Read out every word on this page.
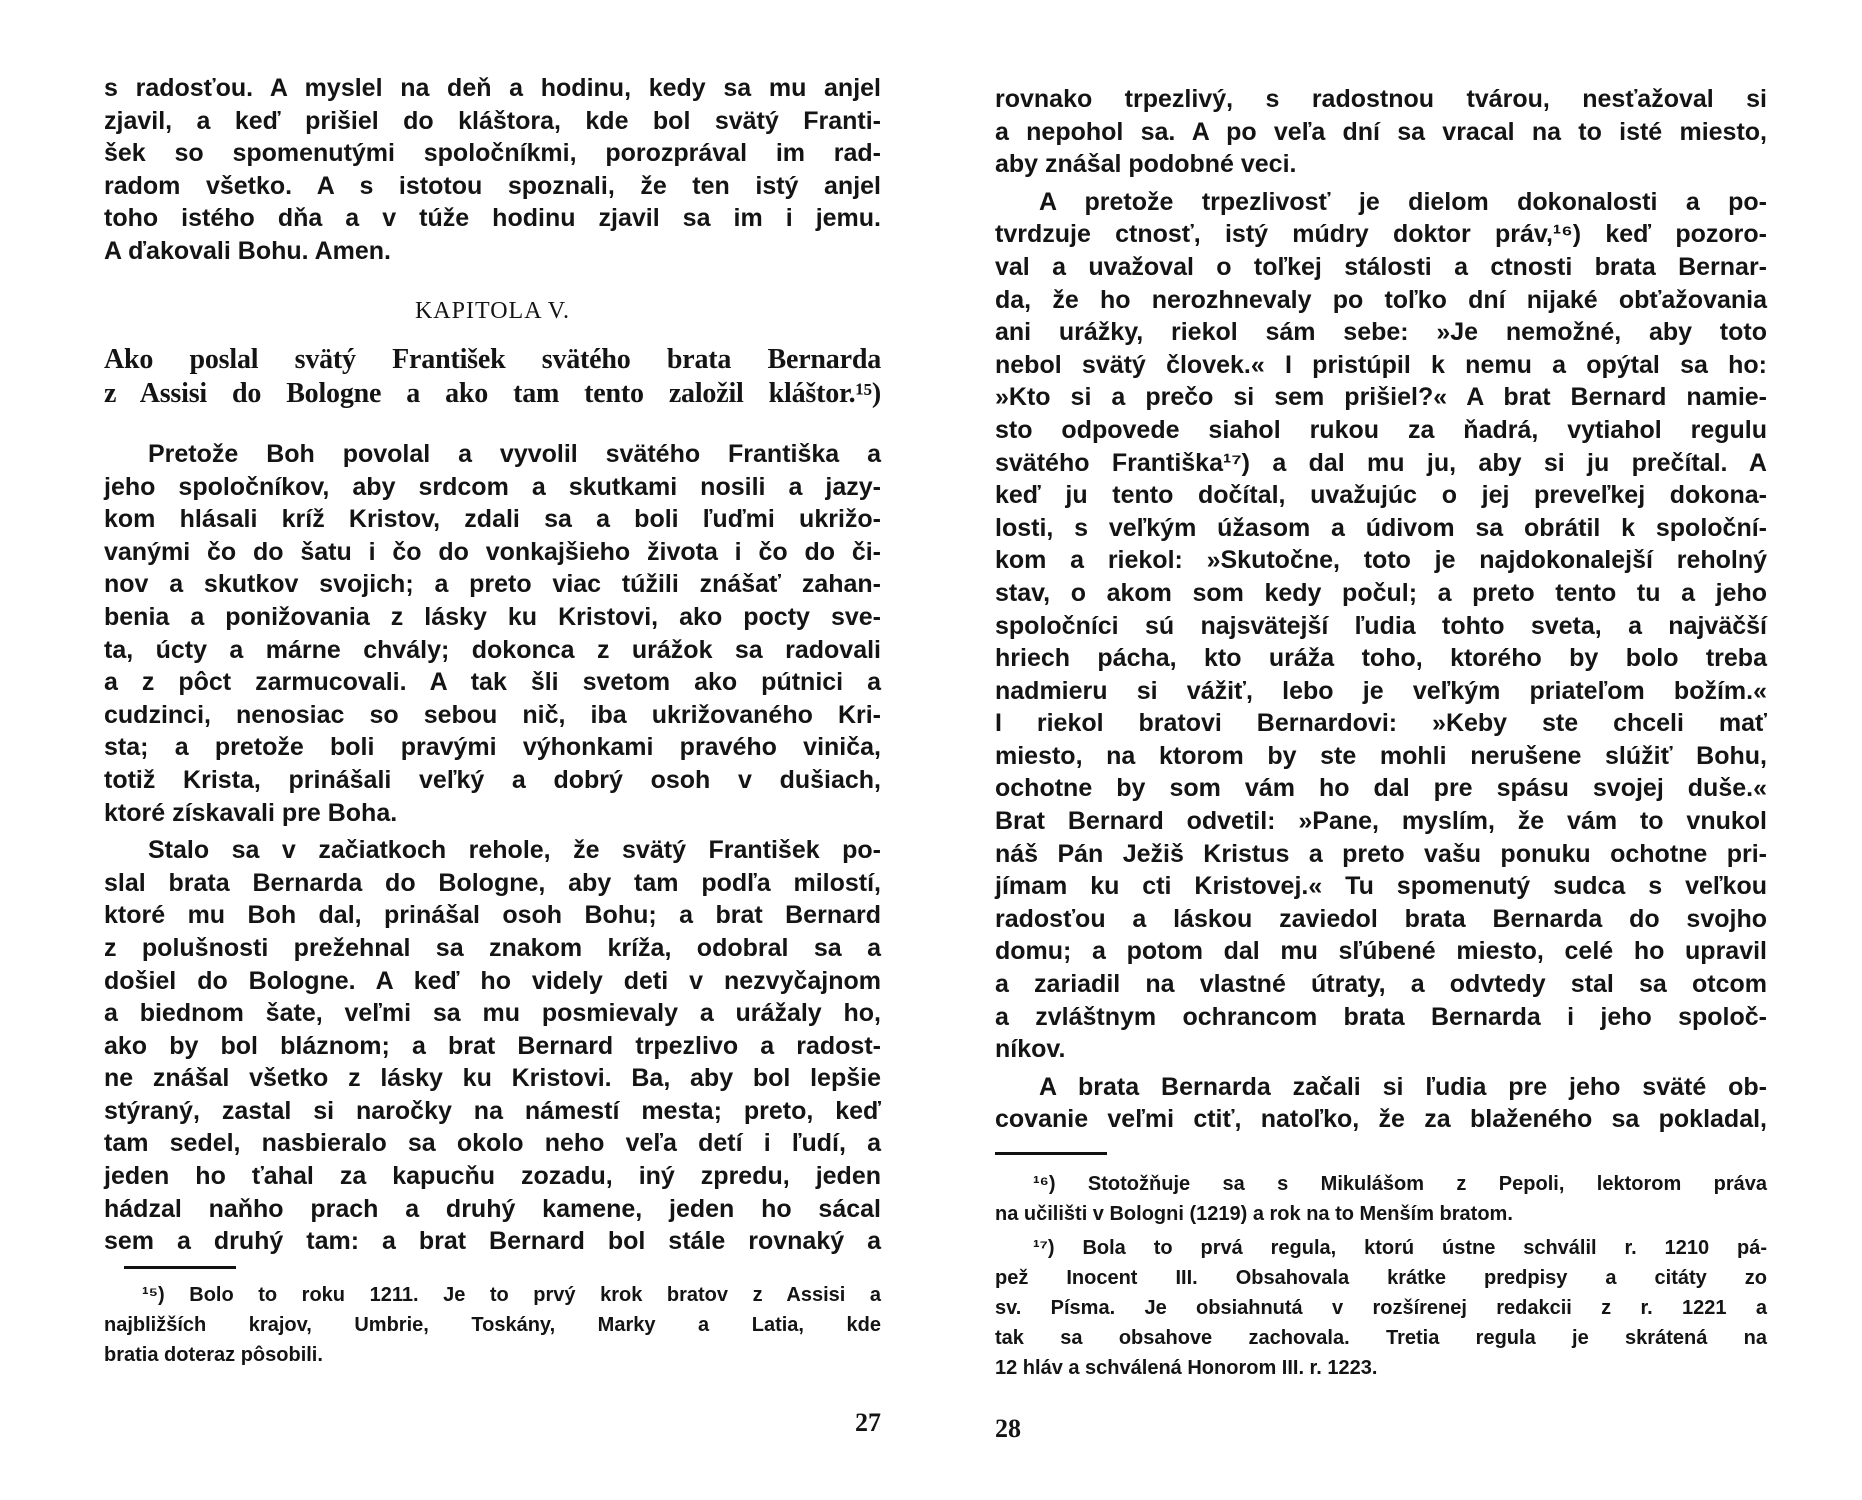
s radosťou. A myslel na deň a hodinu, kedy sa mu anjel
zjavil, a keď prišiel do kláštora, kde bol svätý Franti-
šek so spomenutými spoločníkmi, porozprával im rad-
radom všetko. A s istotou spoznali, že ten istý anjel
toho istého dňa a v túže hodinu zjavil sa im i jemu.
A ďakovali Bohu. Amen.
KAPITOLA V.
Ako poslal svätý František svätého brata Bernarda
z Assisi do Bologne a ako tam tento založil kláštor.¹⁵)
Pretože Boh povolal a vyvolil svätého Františka a
jeho spoločníkov, aby srdcom a skutkami nosili a jazy-
kom hlásali kríž Kristov, zdali sa a boli ľuďmi ukrižo-
vanými čo do šatu i čo do vonkajšieho života i čo do či-
nov a skutkov svojich; a preto viac túžili znášať zahan-
benia a ponižovania z lásky ku Kristovi, ako pocty sve-
ta, úcty a márne chvály; dokonca z urážok sa radovali
a z pôct zarmucovali. A tak šli svetom ako pútnici a
cudzinci, nenosiac so sebou nič, iba ukrižovaného Kri-
sta; a pretože boli pravými výhonkami pravého viniča,
totiž Krista, prinášali veľký a dobrý osoh v dušiach,
ktoré získavali pre Boha.
Stalo sa v začiatkoch rehole, že svätý František po-
slal brata Bernarda do Bologne, aby tam podľa milostí,
ktoré mu Boh dal, prinášal osoh Bohu; a brat Bernard
z polušnosti prežehnal sa znakom kríža, odobral sa a
došiel do Bologne. A keď ho videly deti v nezvyčajnom
a biednom šate, veľmi sa mu posmievaly a urážaly ho,
ako by bol bláznom; a brat Bernard trpezlivo a radost-
ne znášal všetko z lásky ku Kristovi. Ba, aby bol lepšie
stýraný, zastal si naročky na námestí mesta; preto, keď
tam sedel, nasbieralo sa okolo neho veľa detí i ľudí, a
jeden ho ťahal za kapucňu zozadu, iný zpredu, jeden
hádzal naňho prach a druhý kamene, jeden ho sácal
sem a druhý tam: a brat Bernard bol stále rovnaký a
¹⁵) Bolo to roku 1211. Je to prvý krok bratov z Assisi a
najbližších krajov, Umbrie, Toskány, Marky a Latia, kde
bratia doteraz pôsobili.
27
rovnako trpezlivý, s radostnou tvárou, nesťažoval si
a nepohol sa. A po veľa dní sa vracal na to isté miesto,
aby znášal podobné veci.
A pretože trpezlivosť je dielom dokonalosti a po-
tvrdzuje ctnosť, istý múdry doktor práv,¹⁶) keď pozoro-
val a uvažoval o toľkej stálosti a ctnosti brata Bernar-
da, že ho nerozhnevaly po toľko dní nijaké obťažovania
ani urážky, riekol sám sebe: »Je nemožné, aby toto
nebol svätý človek.« I pristúpil k nemu a opýtal sa ho:
»Kto si a prečo si sem prišiel?« A brat Bernard namie-
sto odpovede siahol rukou za ňadrá, vytiahol regulu
svätého Františka¹⁷) a dal mu ju, aby si ju prečítal. A
keď ju tento dočítal, uvažujúc o jej preveľkej dokona-
losti, s veľkým úžasom a údivom sa obrátil k spoloční-
kom a riekol: »Skutočne, toto je najdokonalejší reholný
stav, o akom som kedy počul; a preto tento tu a jeho
spoločníci sú najsvätejší ľudia tohto sveta, a najväčší
hriech pácha, kto uráža toho, ktorého by bolo treba
nadmieru si vážiť, lebo je veľkým priateľom božím.«
I riekol bratovi Bernardovi: »Keby ste chceli mať
miesto, na ktorom by ste mohli nerušene slúžiť Bohu,
ochotne by som vám ho dal pre spásu svojej duše.«
Brat Bernard odvetil: »Pane, myslím, že vám to vnukol
náš Pán Ježiš Kristus a preto vašu ponuku ochotne pri-
jímam ku cti Kristovej.« Tu spomenutý sudca s veľkou
radosťou a láskou zaviedol brata Bernarda do svojho
domu; a potom dal mu sľúbené miesto, celé ho upravil
a zariadil na vlastné útraty, a odvtedy stal sa otcom
a zvláštnym ochrancom brata Bernarda i jeho spoloč-
níkov.
A brata Bernarda začali si ľudia pre jeho sväté ob-
covanie veľmi ctiť, natoľko, že za blaženého sa pokladal,
¹⁶) Stotožňuje sa s Mikulášom z Pepoli, lektorom práva
na učilišti v Bologni (1219) a rok na to Menším bratom.
¹⁷) Bola to prvá regula, ktorú ústne schválil r. 1210 pá-
pež Inocent III. Obsahovala krátke predpisy a citáty zo
sv. Písma. Je obsiahnutá v rozšírenej redakcii z r. 1221 a
tak sa obsahove zachovala. Tretia regula je skrátená na
12 hláv a schválená Honorom III. r. 1223.
28
